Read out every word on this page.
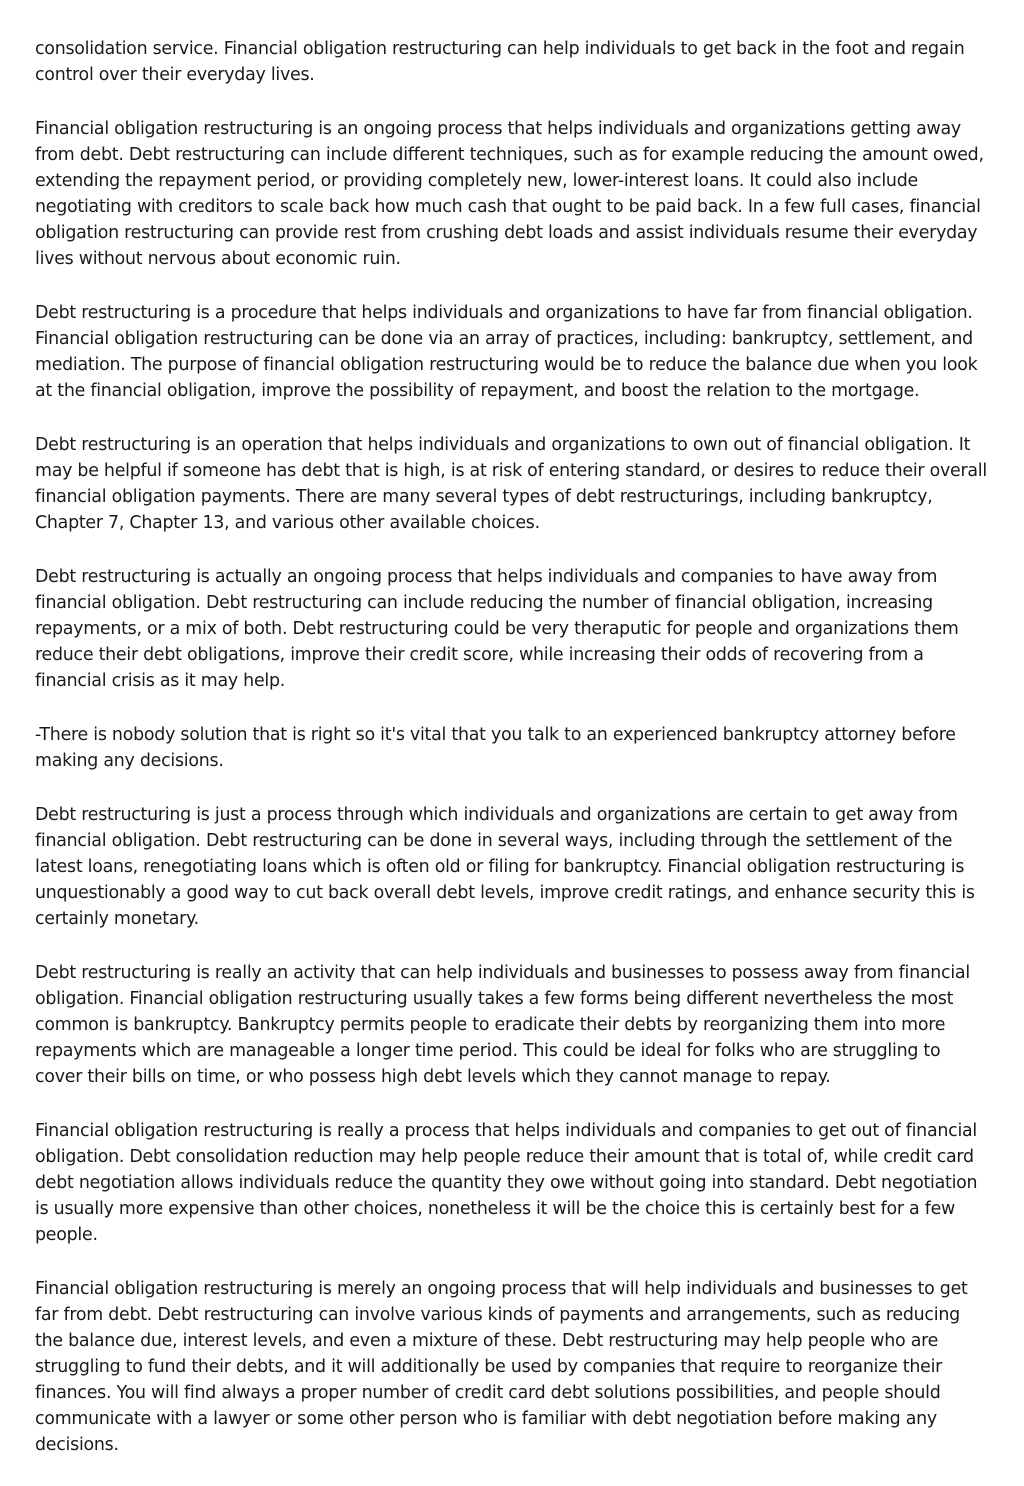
consolidation service. Financial obligation restructuring can help individuals to get back in the foot and regain control over their everyday lives.

Financial obligation restructuring is an ongoing process that helps individuals and organizations getting away from debt. Debt restructuring can include different techniques, such as for example reducing the amount owed, extending the repayment period, or providing completely new, lower-interest loans. It could also include negotiating with creditors to scale back how much cash that ought to be paid back. In a few full cases, financial obligation restructuring can provide rest from crushing debt loads and assist individuals resume their everyday lives without nervous about economic ruin.

Debt restructuring is a procedure that helps individuals and organizations to have far from financial obligation. Financial obligation restructuring can be done via an array of practices, including: bankruptcy, settlement, and mediation. The purpose of financial obligation restructuring would be to reduce the balance due when you look at the financial obligation, improve the possibility of repayment, and boost the relation to the mortgage.

Debt restructuring is an operation that helps individuals and organizations to own out of financial obligation. It may be helpful if someone has debt that is high, is at risk of entering standard, or desires to reduce their overall financial obligation payments. There are many several types of debt restructurings, including bankruptcy, Chapter 7, Chapter 13, and various other available choices.

Debt restructuring is actually an ongoing process that helps individuals and companies to have away from financial obligation. Debt restructuring can include reducing the number of financial obligation, increasing repayments, or a mix of both. Debt restructuring could be very theraputic for people and organizations them reduce their debt obligations, improve their credit score, while increasing their odds of recovering from a financial crisis as it may help.

-There is nobody solution that is right so it's vital that you talk to an experienced bankruptcy attorney before making any decisions.

Debt restructuring is just a process through which individuals and organizations are certain to get away from financial obligation. Debt restructuring can be done in several ways, including through the settlement of the latest loans, renegotiating loans which is often old or filing for bankruptcy. Financial obligation restructuring is unquestionably a good way to cut back overall debt levels, improve credit ratings, and enhance security this is certainly monetary.

Debt restructuring is really an activity that can help individuals and businesses to possess away from financial obligation. Financial obligation restructuring usually takes a few forms being different nevertheless the most common is bankruptcy. Bankruptcy permits people to eradicate their debts by reorganizing them into more repayments which are manageable a longer time period. This could be ideal for folks who are struggling to cover their bills on time, or who possess high debt levels which they cannot manage to repay.

Financial obligation restructuring is really a process that helps individuals and companies to get out of financial obligation. Debt consolidation reduction may help people reduce their amount that is total of, while credit card debt negotiation allows individuals reduce the quantity they owe without going into standard. Debt negotiation is usually more expensive than other choices, nonetheless it will be the choice this is certainly best for a few people.

Financial obligation restructuring is merely an ongoing process that will help individuals and businesses to get far from debt. Debt restructuring can involve various kinds of payments and arrangements, such as reducing the balance due, interest levels, and even a mixture of these. Debt restructuring may help people who are struggling to fund their debts, and it will additionally be used by companies that require to reorganize their finances. You will find always a proper number of credit card debt solutions possibilities, and people should communicate with a lawyer or some other person who is familiar with debt negotiation before making any decisions.
